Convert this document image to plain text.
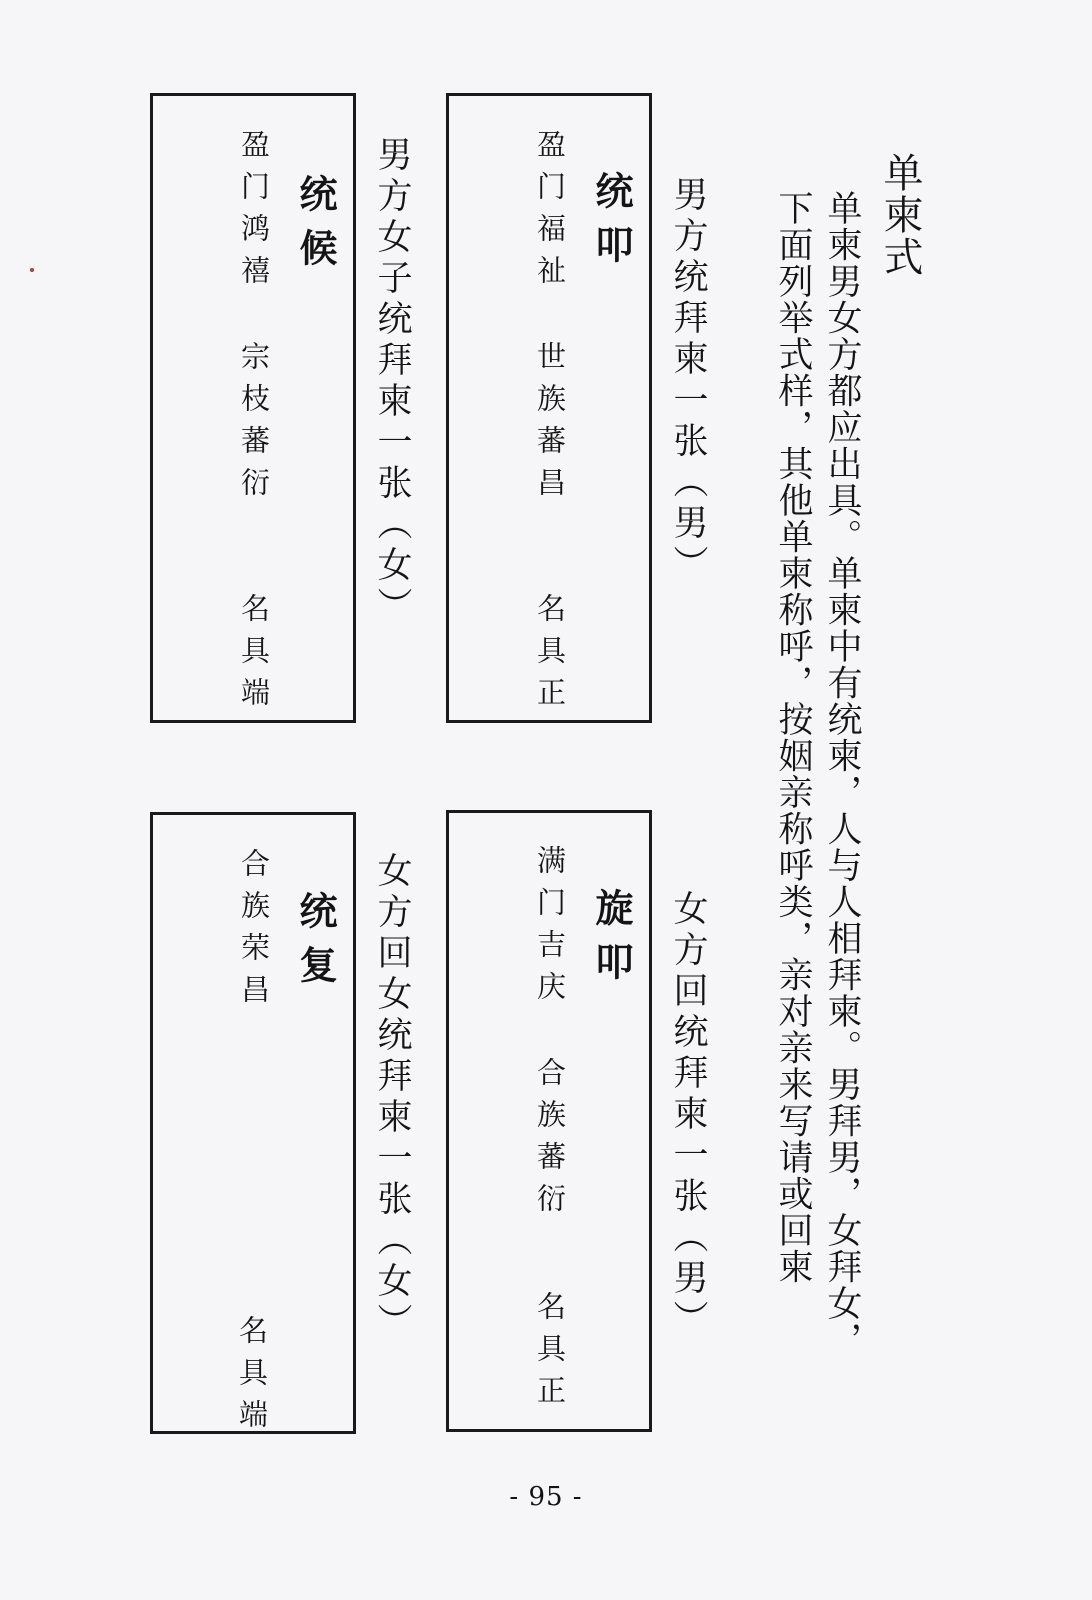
单柬式
单柬男女方都应出具。单柬中有统柬，人与人相拜柬。男拜男，女拜女，
下面列举式样，其他单柬称呼，按姻亲称呼类，亲对亲来写请或回柬
男方统拜柬一张（男）
统叩
盈门福祉
世族蕃昌
名具正
男方女子统拜柬一张（女）
统候
盈门鸿禧
宗枝蕃衍
名具端
女方回统拜柬一张（男）
旋叩
满门吉庆
合族蕃衍
名具正
女方回女统拜柬一张（女）
统复
合族荣昌
名具端
- 95 -
